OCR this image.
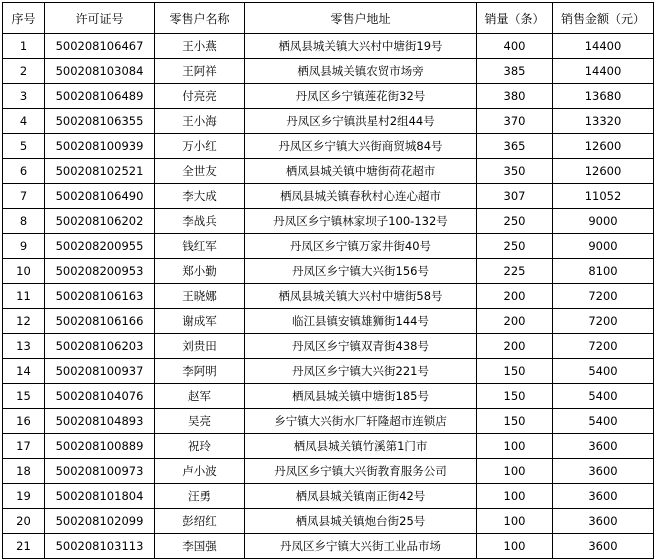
序号	许可证号	零售户名称	零售户地址	销量（条）	销售金额（元）
1	500208106467	王小燕	栖凤县城关镇大兴村中塘街19号	400	14400
2	500208103084	王阿祥	栖凤县城关镇农贸市场旁	385	14400
3	500208106489	付亮亮	丹凤区乡宁镇莲花街32号	380	13680
4	500208106355	王小海	丹凤区乡宁镇洪星村2组44号	370	13320
5	500208100939	万小红	丹凤区乡宁镇大兴街商贸城84号	365	12600
6	500208102521	全世友	栖凤县城关镇中塘街荷花超市	350	12600
7	500208106490	李大成	栖凤县城关镇春秋村心连心超市	307	11052
8	500208106202	李战兵	丹凤区乡宁镇林家坝子100-132号	250	9000
9	500208200955	钱红军	丹凤区乡宁镇万家井街40号	250	9000
10	500208200953	郑小勤	丹凤区乡宁镇大兴街156号	225	8100
11	500208106163	王晓娜	栖凤县城关镇大兴村中塘街58号	200	7200
12	500208106166	谢成军	临江县镇安镇雄狮街144号	200	7200
13	500208106203	刘贵田	丹凤区乡宁镇双青街438号	200	7200
14	500208100937	李阿明	丹凤区乡宁镇大兴街221号	150	5400
15	500208104076	赵军	栖凤县城关镇中塘街185号	150	5400
16	500208104893	吴亮	乡宁镇大兴街水厂轩隆超市连锁店	150	5400
17	500208100889	祝玲	栖凤县城关镇竹溪第1门市	100	3600
18	500208100973	卢小波	丹凤区乡宁镇大兴街教育服务公司	100	3600
19	500208101804	汪勇	栖凤县城关镇南正街42号	100	3600
20	500208102099	彭绍红	栖凤县城关镇炮台街25号	100	3600
21	500208103113	李国强	丹凤区乡宁镇大兴街工业品市场	100	3600
